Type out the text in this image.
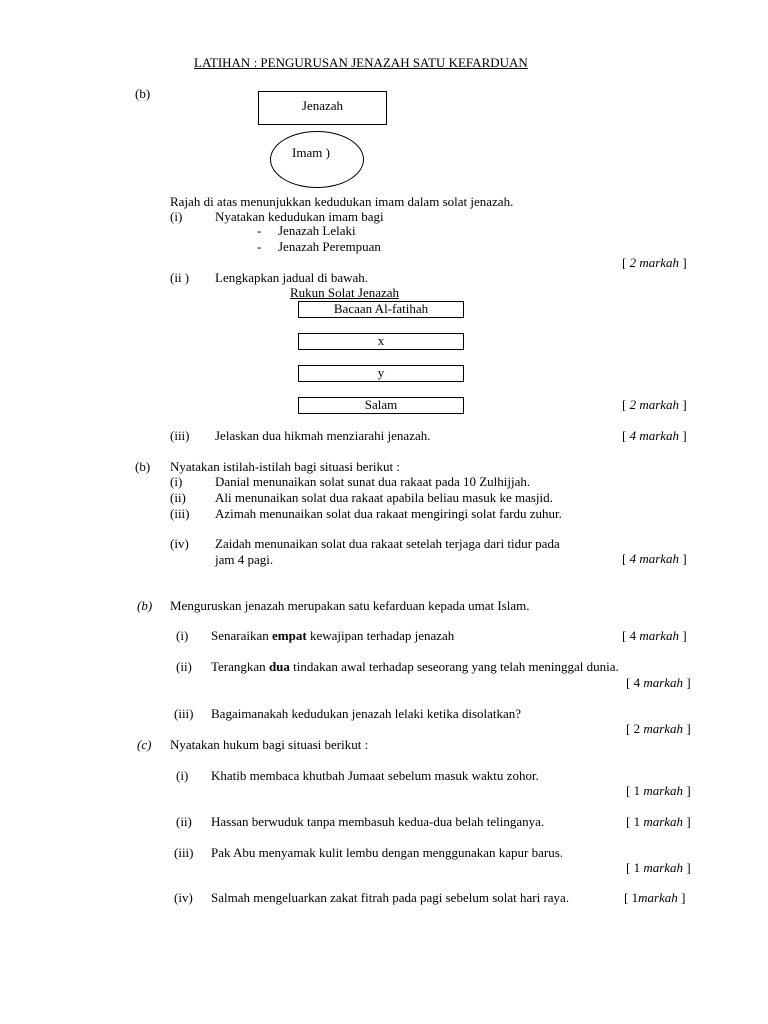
LATIHAN : PENGURUSAN JENAZAH SATU KEFARDUAN
(b)
Jenazah
Imam )
Rajah di atas menunjukkan kedudukan imam dalam solat jenazah.
(i)	Nyatakan kedudukan imam bagi
- Jenazah Lelaki
- Jenazah Perempuan
[ 2 markah ]
(ii ) Lengkapkan jadual di bawah.
Rukun Solat Jenazah
Bacaan Al-fatihah
x
y
Salam	[ 2 markah ]
(iii) Jelaskan dua hikmah menziarahi jenazah.	[ 4 markah ]
(b) Nyatakan istilah-istilah bagi situasi berikut :
(i)	Danial menunaikan solat sunat dua rakaat pada 10 Zulhijjah.
(ii) Ali menunaikan solat dua rakaat apabila beliau masuk ke masjid.
(iii) Azimah menunaikan solat dua rakaat mengiringi solat fardu zuhur.
(iv) Zaidah menunaikan solat dua rakaat setelah terjaga dari tidur pada
jam 4 pagi.	[ 4 markah ]
(b) Menguruskan jenazah merupakan satu kefarduan kepada umat Islam.
(i) Senaraikan empat kewajipan terhadap jenazah	[ 4 markah ]
(ii) Terangkan dua tindakan awal terhadap seseorang yang telah meninggal dunia.
[ 4 markah ]
(iii) Bagaimanakah kedudukan jenazah lelaki ketika disolatkan?
[ 2 markah ]
(c) Nyatakan hukum bagi situasi berikut :
(i) Khatib membaca khutbah Jumaat sebelum masuk waktu zohor.
[ 1 markah ]
(ii) Hassan berwuduk tanpa membasuh kedua-dua belah telinganya.	[ 1 markah ]
(iii) Pak Abu menyamak kulit lembu dengan menggunakan kapur barus.
[ 1 markah ]
(iv) Salmah mengeluarkan zakat fitrah pada pagi sebelum solat hari raya.	[ 1markah ]
